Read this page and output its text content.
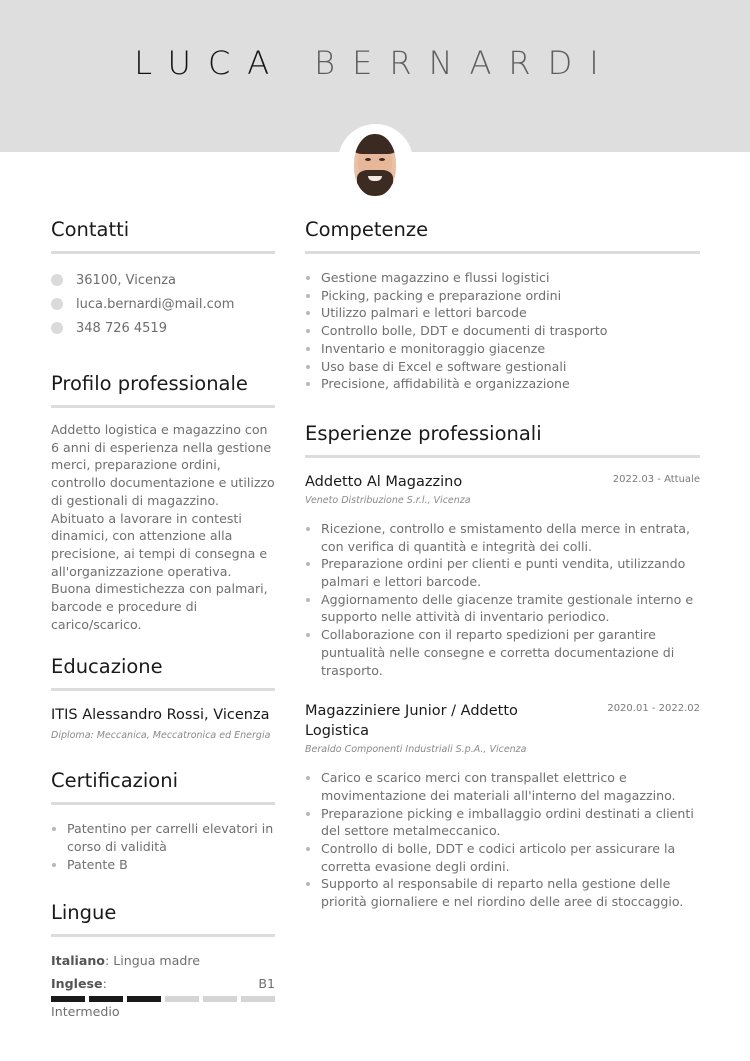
LUCA BERNARDI
Contatti
36100, Vicenza
luca.bernardi@mail.com
348 726 4519
Profilo professionale

Addetto logistica e magazzino con 6 anni di esperienza nella gestione merci, preparazione ordini, controllo documentazione e utilizzo di gestionali di magazzino. Abituato a lavorare in contesti dinamici, con attenzione alla precisione, ai tempi di consegna e all'organizzazione operativa. Buona dimestichezza con palmari, barcode e procedure di carico/scarico.

Educazione
ITIS Alessandro Rossi, Vicenza
Diploma: Meccanica, Meccatronica ed Energia
Certificazioni
Patentino per carrelli elevatori in corso di validità
Patente B
Lingue
Italiano: Lingua madre
Inglese:	B1
Intermedio
Competenze
Gestione magazzino e flussi logistici
Picking, packing e preparazione ordini
Utilizzo palmari e lettori barcode
Controllo bolle, DDT e documenti di trasporto
Inventario e monitoraggio giacenze
Uso base di Excel e software gestionali
Precisione, affidabilità e organizzazione
Esperienze professionali
Addetto Al Magazzino	2022.03 - Attuale
Veneto Distribuzione S.r.l., Vicenza
Ricezione, controllo e smistamento della merce in entrata, con verifica di quantità e integrità dei colli.
Preparazione ordini per clienti e punti vendita, utilizzando palmari e lettori barcode.
Aggiornamento delle giacenze tramite gestionale interno e supporto nelle attività di inventario periodico.
Collaborazione con il reparto spedizioni per garantire puntualità nelle consegne e corretta documentazione di trasporto.
Magazziniere Junior / Addetto Logistica
2020.01 - 2022.02
Beraldo Componenti Industriali S.p.A., Vicenza
Carico e scarico merci con transpallet elettrico e movimentazione dei materiali all'interno del magazzino.
Preparazione picking e imballaggio ordini destinati a clienti del settore metalmeccanico.
Controllo di bolle, DDT e codici articolo per assicurare la corretta evasione degli ordini.
Supporto al responsabile di reparto nella gestione delle priorità giornaliere e nel riordino delle aree di stoccaggio.
